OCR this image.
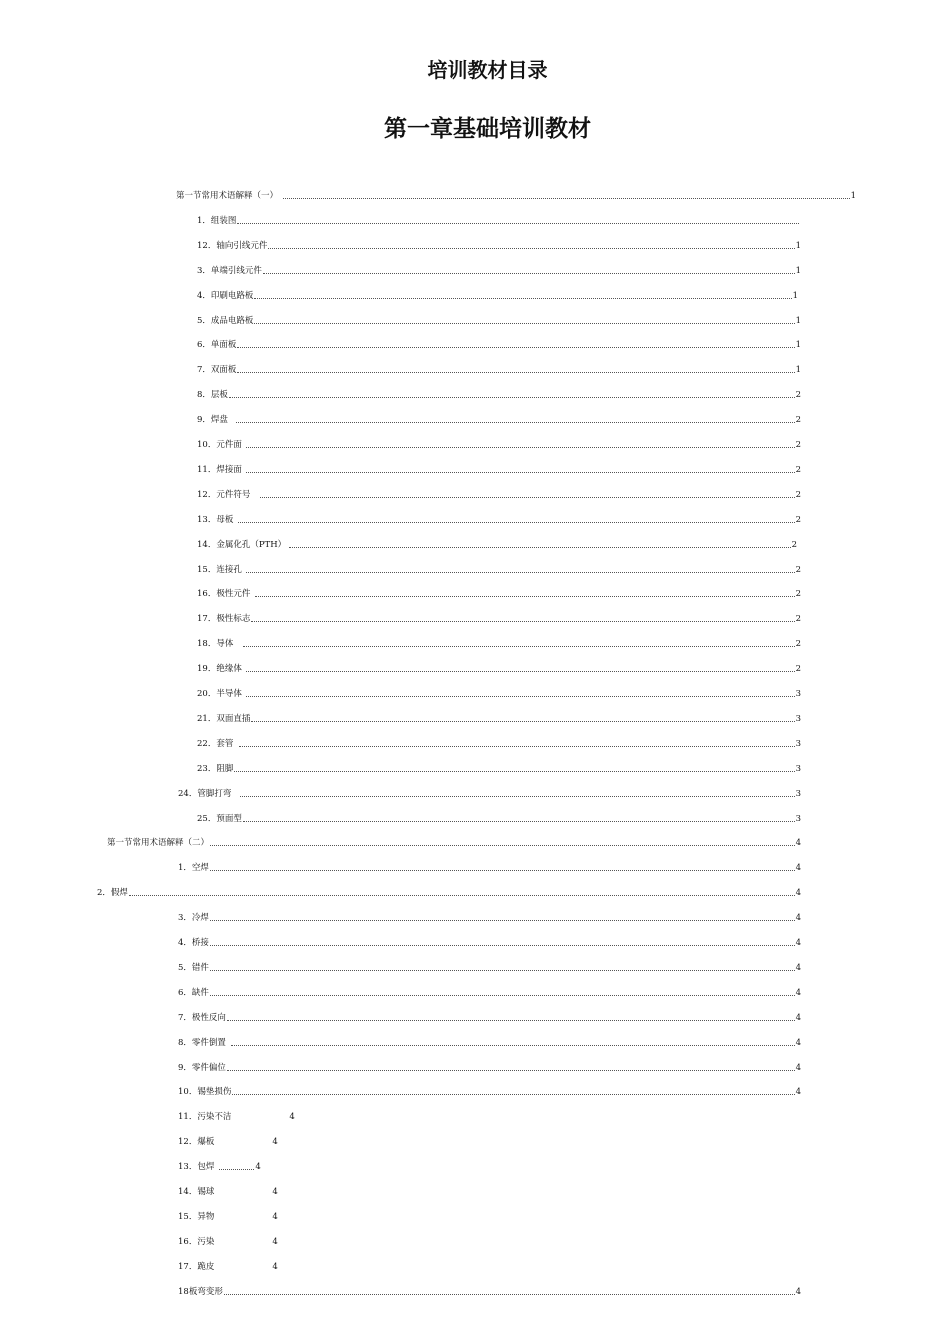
培训教材目录
第一章基础培训教材
第一节常用术语解释（一）	1
1．组装图
12．轴向引线元件	1
3．单端引线元件	1
4．印刷电路板	1
5．成品电路板	1
6．单面板	1
7．双面板	1
8．层板	2
9．焊盘	2
10．元件面	2
11．焊接面	2
12．元件符号	2
13．母板	2
14．金属化孔（PTH）	2
15．连接孔	2
16．极性元件	2
17．极性标志	2
18．导体	2
19．绝缘体	2
20．半导体	3
21．双面直插	3
22．套管	3
23．阻脚	3
24．管脚打弯	3
25．预面型	3
第一节常用术语解释（二）	4
1．空焊	4
2．假焊	4
3．冷焊	4
4．桥接	4
5．错件	4
6．缺件	4
7．极性反向	4
8．零件倒置	4
9．零件偏位	4
10．锡垫损伤	4
11．污染不洁	4
12．爆板	4
13．包焊	4
14．锡球	4
15．异物	4
16．污染	4
17．跪皮	4
18板弯变形	4
